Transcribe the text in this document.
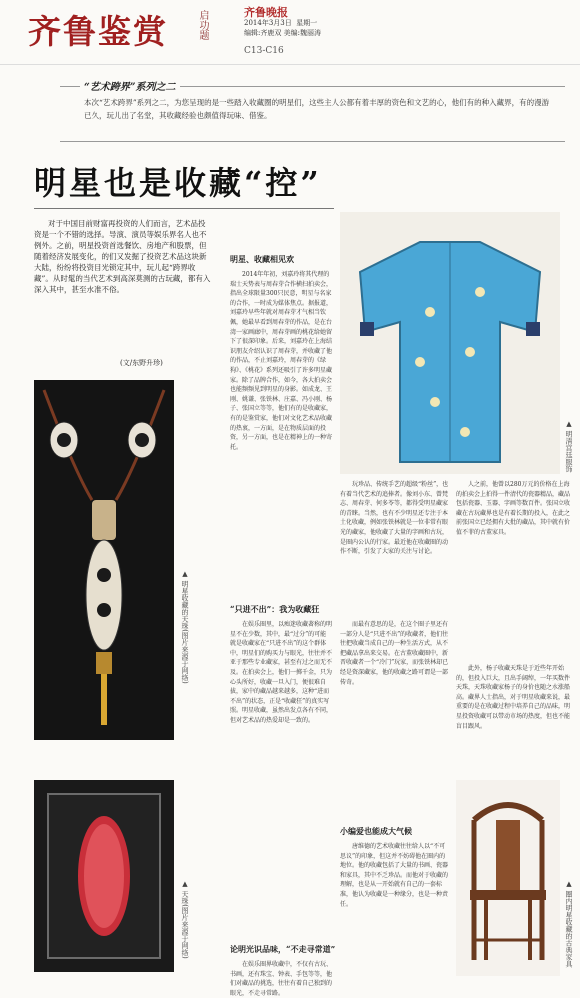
齐鲁鉴赏	启功题	齐鲁晚报
2014年3月3日 星期一
编辑:齐鹿双 美编:魏丽涛
C13-C16
“艺术跨界”系列之二
本次“艺术跨界”系列之二，为您呈现的是一些踏入收藏圈的明星们，这些主人公都有着丰厚的资色和文艺的心，他们有的种入藏界，有的漫游已久，玩儿出了名堂，其收藏经验也颇值得玩味、借鉴。
明星也是收藏“控”
对于中国目前财富再投资的人们而言，艺术品投资是一个不错的选择。导演、演员等娱乐界名人也不例外。之前，明星投资首选餐饮、房地产和股票，但随着经济发展变化，的们又发掘了投资艺术品这块新大陆，纷纷将投资目光锁定其中，玩儿起“跨界收藏”。从时髦的当代艺术到高深莫测的古玩藏，都有入深入其中，甚至水准不俗。
(文/东野升珍)
▲ 明星收藏的天珠(图片来源于网络)
▲ 天珠(图片来源于网络)
明星、收藏相见欢
2014年年初，刘嘉玲将其代理的瑞士天势表与周春芽合作横扫拍卖会，指出全球限量300只民意，明星与名家的合作，一时成为媒体焦点。据报道，刘嘉玲早些年就对周春芽才气相当钦佩，她最早看到周春芽的作品，是在台湾一家画廊中，周春芽画的桃花给她留下了很深印象。后来，刘嘉玲在上海结识朋友介绍认识了周春芽，并收藏了他的作品，不止刘嘉玲，周春芽的《绿狗》、《桃花》系列还吸引了许多明星藏家。除了品牌合作，如今，各大拍卖会也能频频见到明星的身影。如成龙、王刚、姚谦、张铁林、庄嘉、冯小刚、杨子、张国立等等，他们有的是收藏家，有的是鉴赏家，他们对文化艺术品收藏的热衷，一方面，是在物质层面的投资，另一方面，也是在精神上的一种寄托。
“只进不出”：我为收藏狂
在娱乐圈里，以痴迷收藏著称的明星不在少数，其中，最“过分”的可能就是收藏家在“只进不出”的这个群体中，明星们的购买力与眼光，往往并不亚于那些专业藏家，甚至有过之而无不及。在拍卖会上，他们一掷千金，只为心头所好，收藏一旦入门，便很难自拔，家中的藏品越来越多，这种“进而不出”的状态，正是“收藏狂”的真实写照。明星收藏，虽然出发点各有不同，但对艺术品的热爱却是一致的。
论明光识品味，“不走寻常道”
在娱乐圈界收藏中，不仅有古玩、书画，还有珠宝、钟表、手包等等，他们对藏品的挑选，往往有着自己独到的眼光，不走寻常路。
▲ 明清宫廷服饰
玩珍品、传统手艺的超级“粉丝”，也有着当代艺术的追捧者。像刘小东、曾梵志、周春芽、何多苓等，都得受明星藏家的青睐。当然，也有不少明星还专注于本土化收藏，例如张铁林就是一位非常有眼光的藏家，他收藏了大量的字画和古玩，是圈内公认的行家。最近他在收藏圈的动作不断，引发了大家的关注与讨论。
而最有意思的是，在这个圈子里还有一部分人是“只进不出”的收藏者，他们往往把收藏当成自己的一种生活方式，从不把藏品拿出来交易。在古董收藏圈中，新晋收藏者一个“冷门”玩家，而张铁林却已经是资深藏家，他的收藏之路可谓是一部传奇。
小编爱也能成大气候
唐维德的艺术收藏往往给人以“不可思议”的印象，但这并不妨碍他在圈内的地位。他的收藏包括了大量的书画、瓷器和家具，其中不乏珍品。而他对于收藏的理解，也是从一开始就有自己的一套标准，他认为收藏是一种缘分，也是一种责任。
人之前，他曾以280万元的价格在上海的拍卖会上拍得一件清代的瓷器精品，藏品包括瓷器、玉器、字画等数百件。张国立收藏在古玩藏界也是有着长期的投入，在此之前张国立已经拥有大批的藏品，其中就有价值不菲的古董家具。
此外，杨子收藏天珠是于近些年开始的，但投入巨大，且出手阔绰，一年买数件天珠，天珠收藏家杨子的身价也随之水涨船高。藏界人士指出，对于明星收藏来说，最重要的是在收藏过程中培养自己的品味，明星投资收藏可以带动市场的热度，但也不能盲目跟风。
▲ 圈内明星收藏的古典家具
